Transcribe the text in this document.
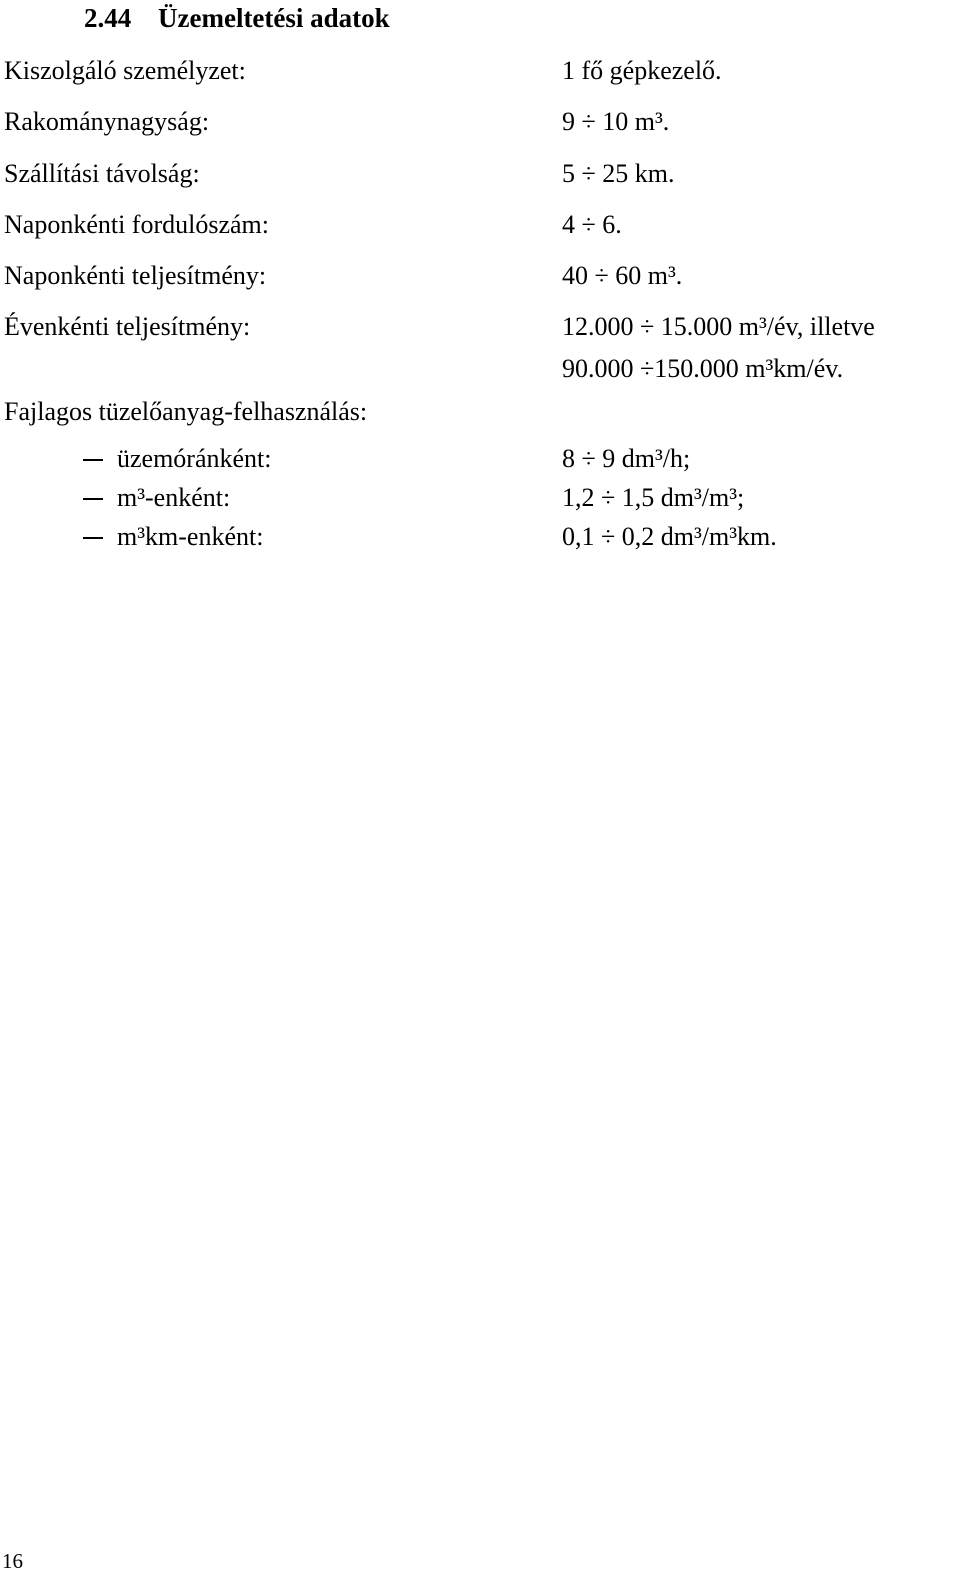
2.44 Üzemeltetési adatok
Kiszolgáló személyzet:	1 fő gépkezelő.
Rakománynagyság:	9 ÷ 10 m³.
Szállítási távolság:	5 ÷ 25 km.
Naponkénti fordulószám:	4 ÷ 6.
Naponkénti teljesítmény:	40 ÷ 60 m³.
Évenkénti teljesítmény:	12.000 ÷ 15.000 m³/év, illetve
90.000 ÷150.000 m³km/év.
Fajlagos tüzelőanyag-felhasználás:
üzemóránként:	8 ÷ 9 dm³/h;
m³-enként:	1,2 ÷ 1,5 dm³/m³;
m³km-enként:	0,1 ÷ 0,2 dm³/m³km.
16
